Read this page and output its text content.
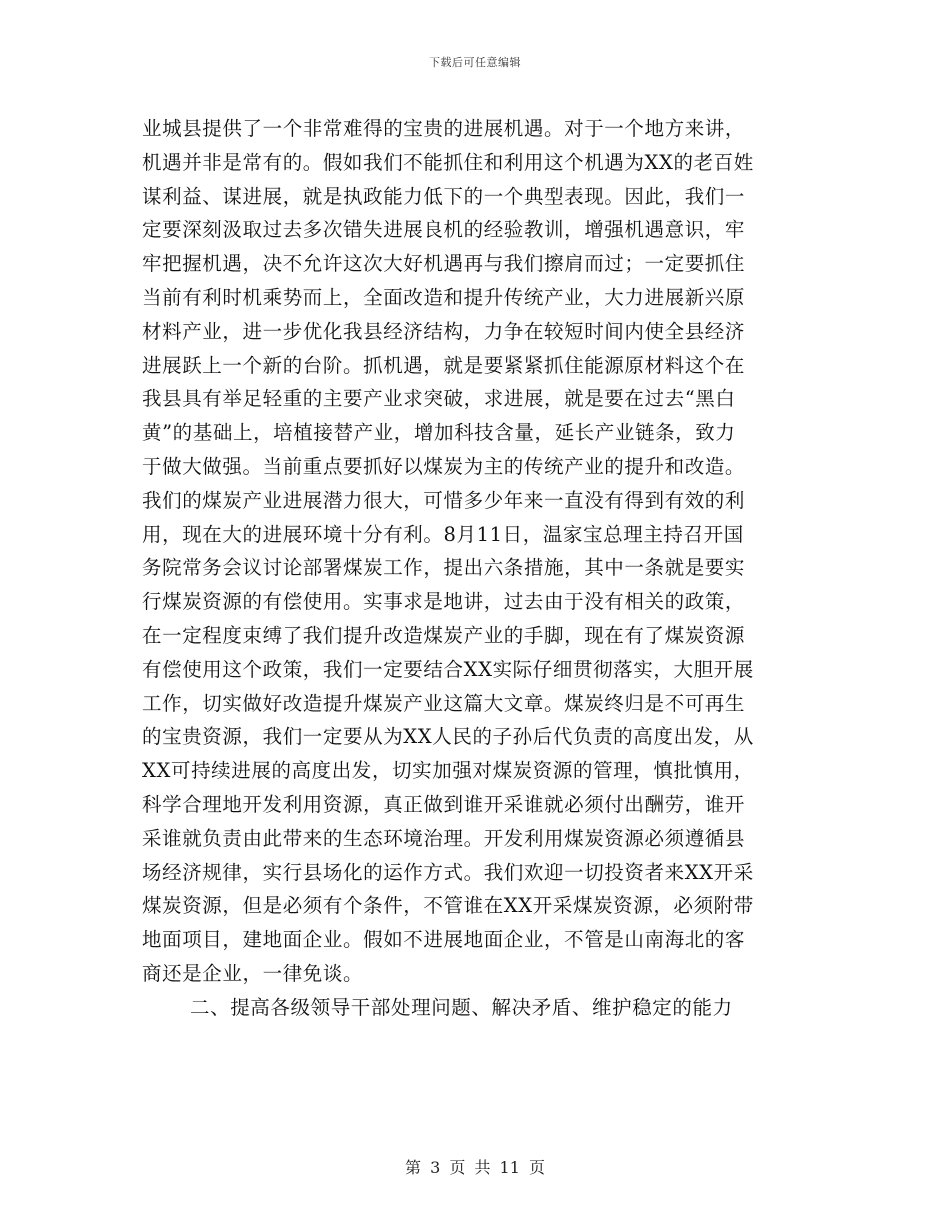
下载后可任意编辑
业城县提供了一个非常难得的宝贵的进展机遇。对于一个地方来讲，
机遇并非是常有的。假如我们不能抓住和利用这个机遇为XX的老百姓
谋利益、谋进展，就是执政能力低下的一个典型表现。因此，我们一
定要深刻汲取过去多次错失进展良机的经验教训，增强机遇意识，牢
牢把握机遇，决不允许这次大好机遇再与我们擦肩而过；一定要抓住
当前有利时机乘势而上，全面改造和提升传统产业，大力进展新兴原
材料产业，进一步优化我县经济结构，力争在较短时间内使全县经济
进展跃上一个新的台阶。抓机遇，就是要紧紧抓住能源原材料这个在
我县具有举足轻重的主要产业求突破，求进展，就是要在过去“黑白
黄”的基础上，培植接替产业，增加科技含量，延长产业链条，致力
于做大做强。当前重点要抓好以煤炭为主的传统产业的提升和改造。
我们的煤炭产业进展潜力很大，可惜多少年来一直没有得到有效的利
用，现在大的进展环境十分有利。8月11日，温家宝总理主持召开国
务院常务会议讨论部署煤炭工作，提出六条措施，其中一条就是要实
行煤炭资源的有偿使用。实事求是地讲，过去由于没有相关的政策，
在一定程度束缚了我们提升改造煤炭产业的手脚，现在有了煤炭资源
有偿使用这个政策，我们一定要结合XX实际仔细贯彻落实，大胆开展
工作，切实做好改造提升煤炭产业这篇大文章。煤炭终归是不可再生
的宝贵资源，我们一定要从为XX人民的子孙后代负责的高度出发，从
XX可持续进展的高度出发，切实加强对煤炭资源的管理，慎批慎用，
科学合理地开发利用资源，真正做到谁开采谁就必须付出酬劳，谁开
采谁就负责由此带来的生态环境治理。开发利用煤炭资源必须遵循县
场经济规律，实行县场化的运作方式。我们欢迎一切投资者来XX开采
煤炭资源，但是必须有个条件，不管谁在XX开采煤炭资源，必须附带
地面项目，建地面企业。假如不进展地面企业，不管是山南海北的客
商还是企业，一律免谈。
二、提高各级领导干部处理问题、解决矛盾、维护稳定的能力
第 3 页 共 11 页
